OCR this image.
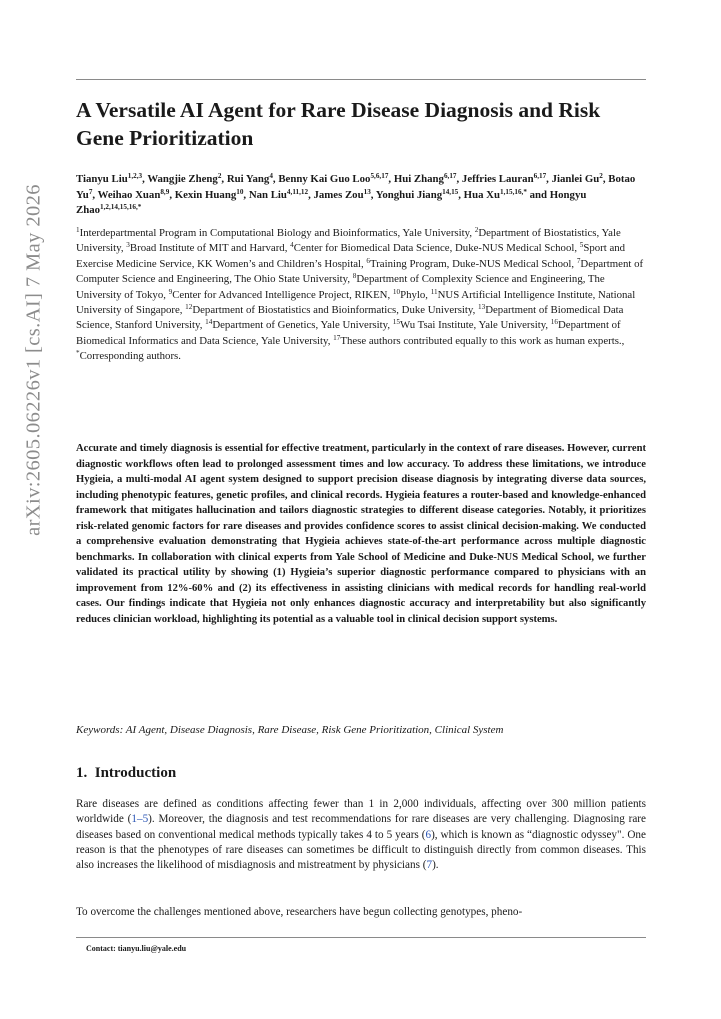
arXiv:2605.06226v1 [cs.AI] 7 May 2026
A Versatile AI Agent for Rare Disease Diagnosis and Risk Gene Prioritization

Tianyu Liu$^{1,2,3}$, Wangjie Zheng$^2$, Rui Yang$^4$, Benny Kai Guo Loo$^{5,6,17}$, Hui Zhang$^{6,17}$, Jeffries Lauran$^{6,17}$, Jianlei Gu$^2$, Botao Yu$^7$, Weihao Xuan$^{8,9}$, Kexin Huang$^{10}$, Nan Liu$^{4,11,12}$, James Zou$^{13}$, Yonghui Jiang$^{14,15}$, Hua $Xu^{1,15,16,*}$ and Hongyu Zhao$^{1,2,14,15,16,*}$

$^1$Interdepartmental Program in Computational Biology and Bioinformatics, Yale University, $^2$Department of Biostatistics, Yale University, $^3$Broad Institute of MIT and Harvard, $^4$Center for Biomedical Data Science, Duke-NUS Medical School, $^5$Sport and Exercise Medicine Service, KK Women’s and Children’s Hospital, $^6$Training Program, Duke-NUS Medical School, $^7$Department of Computer Science and Engineering, The Ohio State University, $^8$Department of Complexity Science and Engineering, The University of Tokyo, $^9$Center for Advanced Intelligence Project, RIKEN, $^{10}$Phylo, $^{11}$NUS Artificial Intelligence Institute, National University of Singapore, $^{12}$Department of Biostatistics and Bioinformatics, Duke University, $^{13}$Department of Biomedical Data Science, Stanford University, $^{14}$Department of Genetics, Yale University, $^{15}$Wu Tsai Institute, Yale University, $^{16}$Department of Biomedical Informatics and Data Science, Yale University, $^{17}$These authors contributed equally to this work as human experts., *Corresponding authors.

Accurate and timely diagnosis is essential for effective treatment, particularly in the context of rare diseases. However, current diagnostic workflows often lead to prolonged assessment times and low accuracy. To address these limitations, we introduce Hygieia, a multi-modal AI agent system designed to support precision disease diagnosis by integrating diverse data sources, including phenotypic features, genetic profiles, and clinical records. Hygieia features a router-based and knowledge-enhanced framework that mitigates hallucination and tailors diagnostic strategies to different disease categories. Notably, it prioritizes risk-related genomic factors for rare diseases and provides confidence scores to assist clinical decision-making. We conducted a comprehensive evaluation demonstrating that Hygieia achieves state-of-the-art performance across multiple diagnostic benchmarks. In collaboration with clinical experts from Yale School of Medicine and Duke-NUS Medical School, we further validated its practical utility by showing (1) Hygieia’s superior diagnostic performance compared to physicians with an improvement from 12%-60% and (2) its effectiveness in assisting clinicians with medical records for handling real-world cases. Our findings indicate that Hygieia not only enhances diagnostic accuracy and interpretability but also significantly reduces clinician workload, highlighting its potential as a valuable tool in clinical decision support systems.

Keywords: AI Agent, Disease Diagnosis, Rare Disease, Risk Gene Prioritization, Clinical System

1. Introduction

Rare diseases are defined as conditions affecting fewer than 1 in 2,000 individuals, affecting over 300 million patients worldwide (1–5). Moreover, the diagnosis and test recommendations for rare diseases are very challenging. Diagnosing rare diseases based on conventional medical methods typically takes 4 to 5 years (6), which is known as “diagnostic odyssey". One reason is that the phenotypes of rare diseases can sometimes be difficult to distinguish directly from common diseases. This also increases the likelihood of misdiagnosis and mistreatment by physicians (7).

To overcome the challenges mentioned above, researchers have begun collecting genotypes, pheno-

Contact: tianyu.liu@yale.edu
